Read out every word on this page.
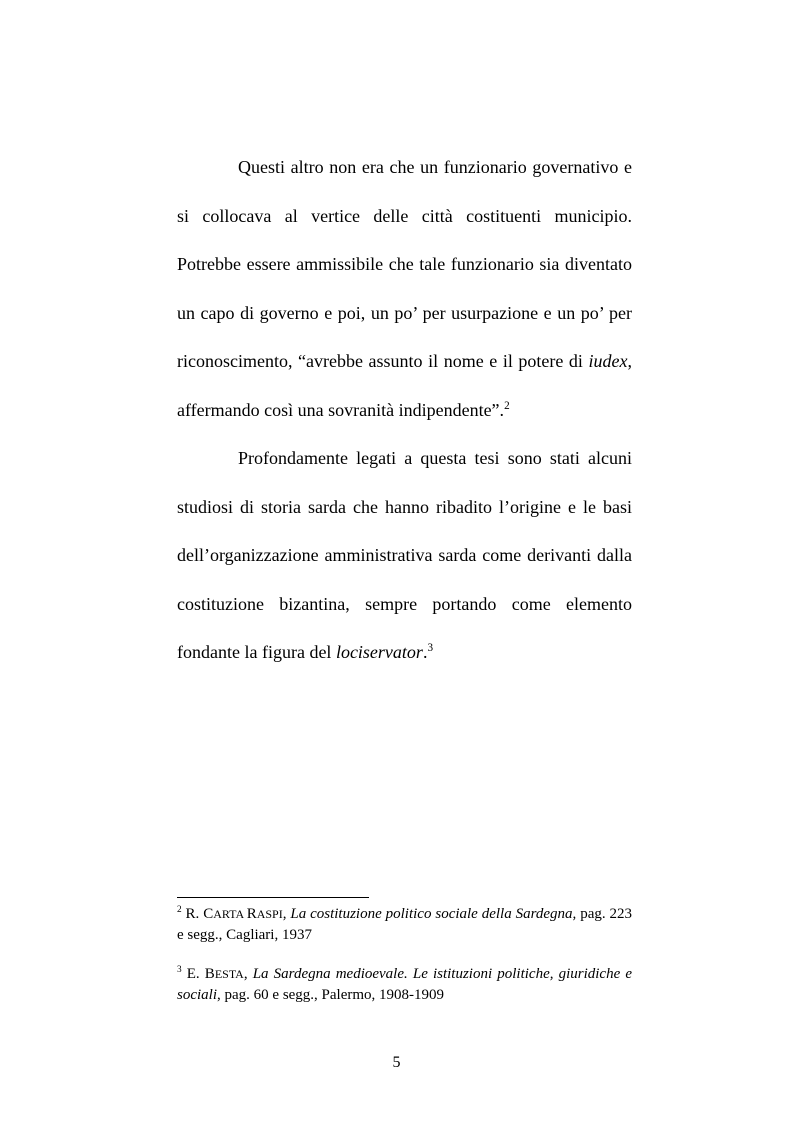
Questi altro non era che un funzionario governativo e si collocava al vertice delle città costituenti municipio. Potrebbe essere ammissibile che tale funzionario sia diventato un capo di governo e poi, un po’ per usurpazione e un po’ per riconoscimento, “avrebbe assunto il nome e il potere di iudex, affermando così una sovranità indipendente”.$^2$

Profondamente legati a questa tesi sono stati alcuni studiosi di storia sarda che hanno ribadito l’origine e le basi dell’organizzazione amministrativa sarda come derivanti dalla costituzione bizantina, sempre portando come elemento fondante la figura del lociservator.$^3$

$^2$ R. CARTA RASPI, La costituzione politico sociale della Sardegna, pag. 223 e segg., Cagliari, 1937

$^3$ E. BESTA, La Sardegna medioevale. Le istituzioni politiche, giuridiche e sociali, pag. 60 e segg., Palermo, 1908-1909

5
